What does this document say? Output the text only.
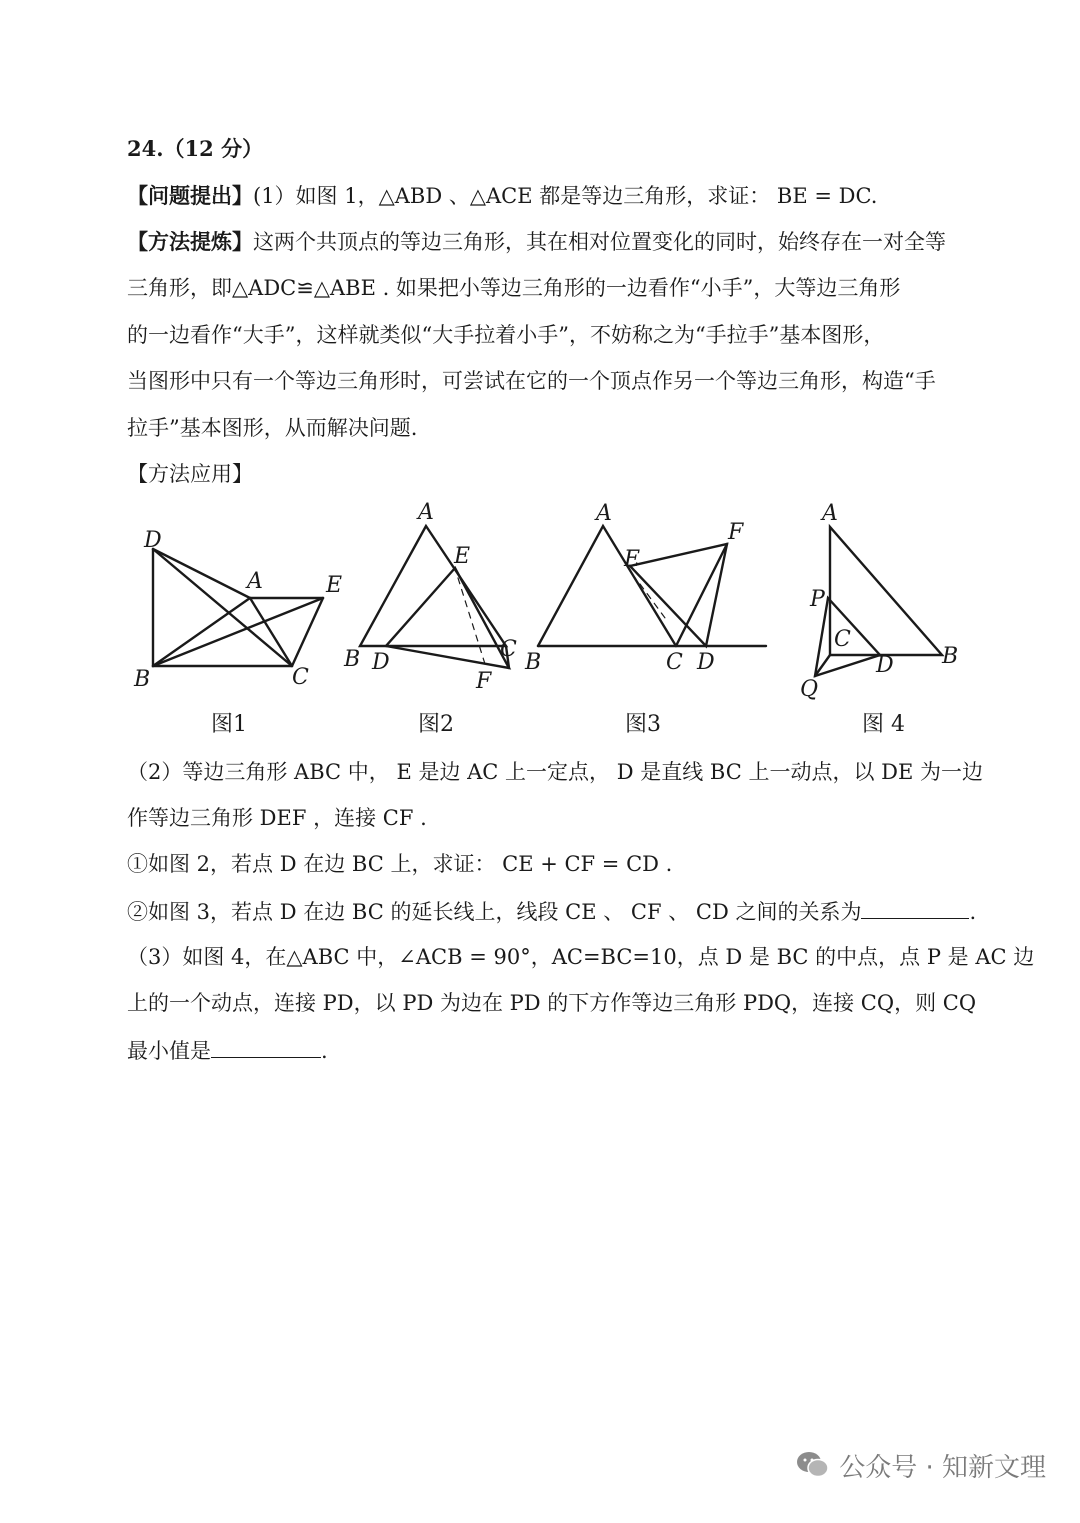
24.（12 分）
【问题提出】(1）如图 1，△ABD 、△ACE 都是等边三角形，求证： BE = DC.
【方法提炼】这两个共顶点的等边三角形，其在相对位置变化的同时，始终存在一对全等
三角形，即△ADC≌△ABE . 如果把小等边三角形的一边看作“小手”，大等边三角形
的一边看作“大手”，这样就类似“大手拉着小手”，不妨称之为“手拉手”基本图形，
当图形中只有一个等边三角形时，可尝试在它的一个顶点作另一个等边三角形，构造“手
拉手”基本图形，从而解决问题.
【方法应用】
D
A	E
B	C
图1
A
E
B D
C
F
图2
A
F
E
B	C D
图3
A
P
C
D B
Q
图 4
（2）等边三角形 ABC 中， E 是边 AC 上一定点， D 是直线 BC 上一动点，以 DE 为一边
作等边三角形 DEF ，连接 CF .
①如图 2，若点 D 在边 BC 上，求证： CE + CF = CD .
②如图 3，若点 D 在边 BC 的延长线上，线段 CE 、 CF 、 CD 之间的关系为	.
（3）如图 4，在△ABC 中，∠ACB = 90°，AC=BC=10，点 D 是 BC 的中点，点 P 是 AC 边
上的一个动点，连接 PD，以 PD 为边在 PD 的下方作等边三角形 PDQ，连接 CQ，则 CQ
最小值是	.
公众号 · 知新文理
